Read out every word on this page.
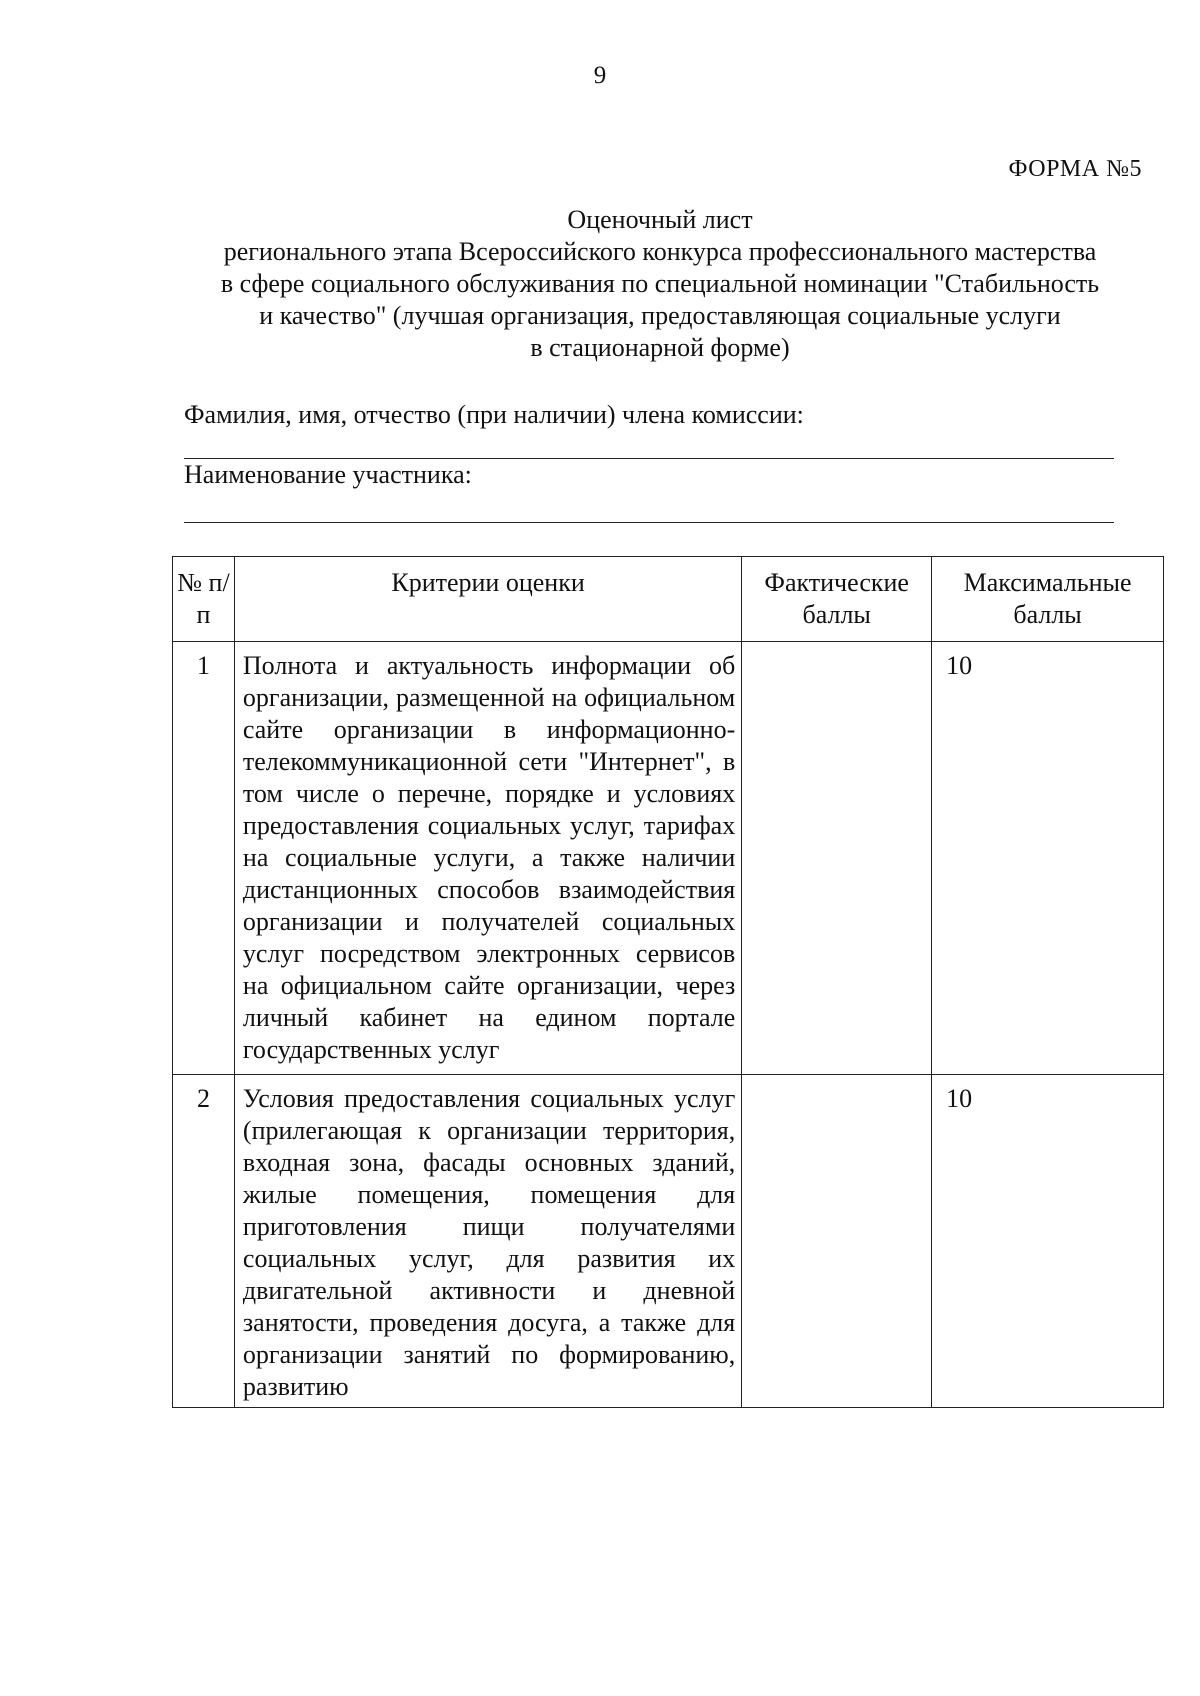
9
ФОРМА №5
Оценочный лист
регионального этапа Всероссийского конкурса профессионального мастерства
в сфере социального обслуживания по специальной номинации "Стабильность
и качество" (лучшая организация, предоставляющая социальные услуги
в стационарной форме)
Фамилия, имя, отчество (при наличии) члена комиссии:
Наименование участника:
№ п/п	Критерии оценки	Фактические баллы	Максимальные баллы

1	Полнота и актуальность информации об организации, размещенной на официальном сайте организации в информационно-телекоммуникационной сети "Интернет", в том числе о перечне, порядке и условиях предоставления социальных услуг, тарифах на социальные услуги, а также наличии дистанционных способов взаимодействия организации и получателей социальных услуг посредством электронных сервисов на официальном сайте организации, через личный кабинет на едином портале государственных услуг		10

2	Условия предоставления социальных услуг (прилегающая к организации территория, входная зона, фасады основных зданий, жилые помещения, помещения для приготовления пищи получателями социальных услуг, для развития их двигательной активности и дневной занятости, проведения досуга, а также для организации занятий по формированию, развитию		10
